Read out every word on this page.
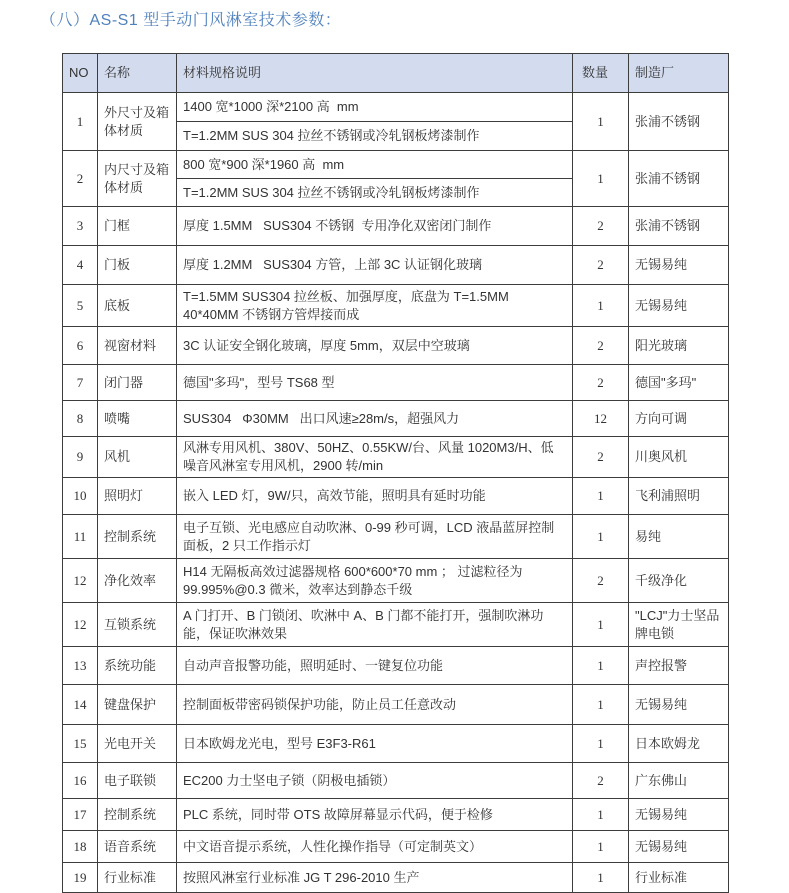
（八）AS-S1 型手动门风淋室技术参数：
NO	名称	材料规格说明	数量	制造厂
1	外尺寸及箱体材质	1400 宽*1000 深*2100 高  mm	1	张浦不锈钢
		T=1.2MM SUS 304 拉丝不锈钢或冷轧钢板烤漆制作		
2	内尺寸及箱体材质	800 宽*900 深*1960 高  mm	1	张浦不锈钢
		T=1.2MM SUS 304 拉丝不锈钢或冷轧钢板烤漆制作		
3	门框	厚度 1.5MM   SUS304 不锈钢  专用净化双密闭门制作	2	张浦不锈钢
4	门板	厚度 1.2MM   SUS304 方管，上部 3C 认证钢化玻璃	2	无锡易纯
5	底板	T=1.5MM SUS304 拉丝板、加强厚度，底盘为 T=1.5MM 40*40MM 不锈钢方管焊接而成	1	无锡易纯
6	视窗材料	3C 认证安全钢化玻璃，厚度 5mm，双层中空玻璃	2	阳光玻璃
7	闭门器	德国"多玛"，型号 TS68 型	2	德国"多玛"
8	喷嘴	SUS304   Φ30MM   出口风速≥28m/s，超强风力	12	方向可调
9	风机	风淋专用风机、380V、50HZ、0.55KW/台、风量 1020M3/H、低噪音风淋室专用风机，2900 转/min	2	川奥风机
10	照明灯	嵌入 LED 灯，9W/只，高效节能，照明具有延时功能	1	飞利浦照明
11	控制系统	电子互锁、光电感应自动吹淋、0-99 秒可调，LCD 液晶蓝屏控制面板，2 只工作指示灯	1	易纯
12	净化效率	H14 无隔板高效过滤器规格 600*600*70 mm ； 过滤粒径为 99.995%@0.3 微米，效率达到静态千级	2	千级净化
12	互锁系统	A 门打开、B 门锁闭、吹淋中 A、B 门都不能打开，强制吹淋功能，保证吹淋效果	1	"LCJ"力士坚品牌电锁
13	系统功能	自动声音报警功能，照明延时、一键复位功能	1	声控报警
14	键盘保护	控制面板带密码锁保护功能，防止员工任意改动	1	无锡易纯
15	光电开关	日本欧姆龙光电，型号 E3F3-R61	1	日本欧姆龙
16	电子联锁	EC200 力士坚电子锁（阴极电插锁）	2	广东佛山
17	控制系统	PLC 系统，同时带 OTS 故障屏幕显示代码，便于检修	1	无锡易纯
18	语音系统	中文语音提示系统，人性化操作指导（可定制英文）	1	无锡易纯
19	行业标准	按照风淋室行业标准 JG T 296-2010 生产	1	行业标准
